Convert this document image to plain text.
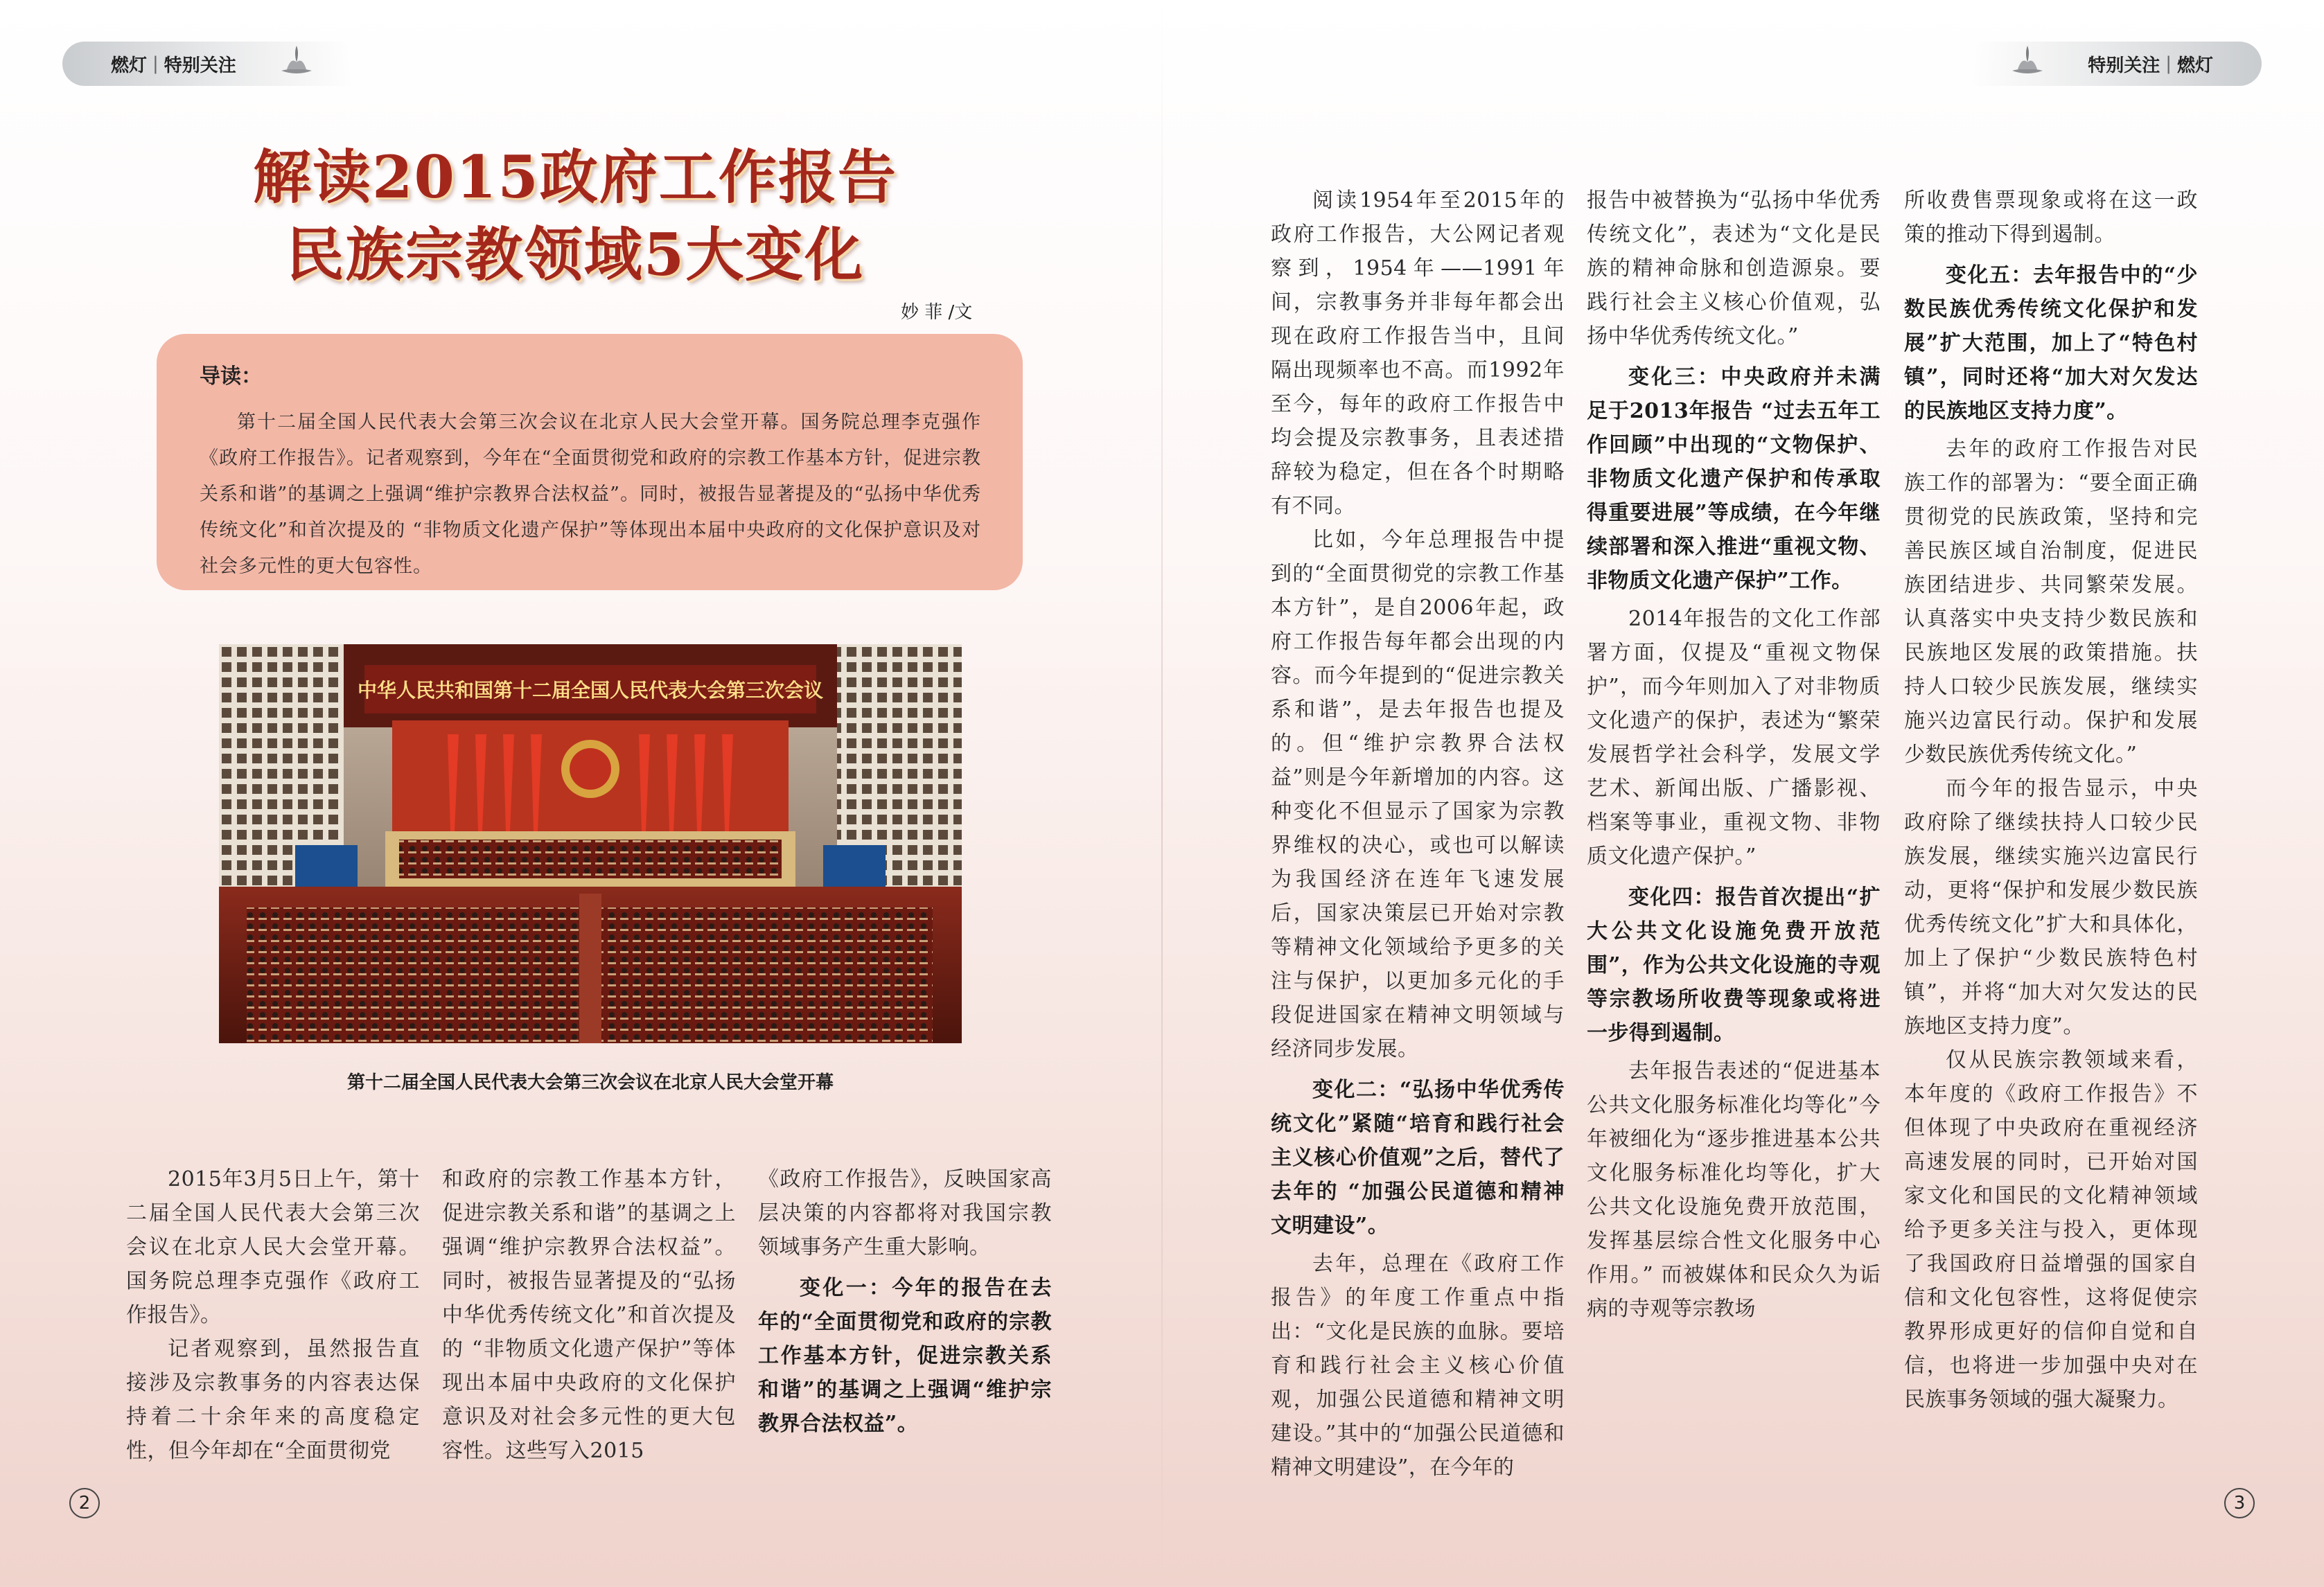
燃灯 | 特别关注	特别关注 | 燃灯
解读2015政府工作报告
民族宗教领域5大变化
妙 菲 /文
导读：
第十二届全国人民代表大会第三次会议在北京人民大会堂开幕。国务院总理李克强作《政府工作报告》。记者观察到，今年在“全面贯彻党和政府的宗教工作基本方针，促进宗教关系和谐”的基调之上强调“维护宗教界合法权益”。同时，被报告显著提及的“弘扬中华优秀传统文化”和首次提及的 “非物质文化遗产保护”等体现出本届中央政府的文化保护意识及对社会多元性的更大包容性。
中华人民共和国第十二届全国人民代表大会第三次会议
第十二届全国人民代表大会第三次会议在北京人民大会堂开幕

2015年3月5日上午，第十二届全国人民代表大会第三次会议在北京人民大会堂开幕。国务院总理李克强作《政府工作报告》。

记者观察到，虽然报告直接涉及宗教事务的内容表达保持着二十余年来的高度稳定性，但今年却在“全面贯彻党

和政府的宗教工作基本方针，促进宗教关系和谐”的基调之上强调“维护宗教界合法权益”。同时，被报告显著提及的“弘扬中华优秀传统文化”和首次提及的 “非物质文化遗产保护”等体现出本届中央政府的文化保护意识及对社会多元性的更大包容性。这些写入2015

《政府工作报告》，反映国家高层决策的内容都将对我国宗教领域事务产生重大影响。

变化一：今年的报告在去年的“全面贯彻党和政府的宗教工作基本方针，促进宗教关系和谐”的基调之上强调“维护宗教界合法权益”。

阅读1954年至2015年的政府工作报告，大公网记者观察到，1954年——1991年间，宗教事务并非每年都会出现在政府工作报告当中，且间隔出现频率也不高。而1992年至今，每年的政府工作报告中均会提及宗教事务，且表述措辞较为稳定，但在各个时期略有不同。

比如，今年总理报告中提到的“全面贯彻党的宗教工作基本方针”，是自2006年起，政府工作报告每年都会出现的内容。而今年提到的“促进宗教关系和谐”，是去年报告也提及的。但“维护宗教界合法权益”则是今年新增加的内容。这种变化不但显示了国家为宗教界维权的决心，或也可以解读为我国经济在连年飞速发展后，国家决策层已开始对宗教等精神文化领域给予更多的关注与保护，以更加多元化的手段促进国家在精神文明领域与经济同步发展。

变化二：“弘扬中华优秀传统文化”紧随“培育和践行社会主义核心价值观”之后，替代了去年的 “加强公民道德和精神文明建设”。

去年，总理在《政府工作报告》的年度工作重点中指出：“文化是民族的血脉。要培育和践行社会主义核心价值观，加强公民道德和精神文明建设。”其中的“加强公民道德和精神文明建设”，在今年的

报告中被替换为“弘扬中华优秀传统文化”，表述为“文化是民族的精神命脉和创造源泉。要践行社会主义核心价值观，弘扬中华优秀传统文化。”

变化三：中央政府并未满足于2013年报告 “过去五年工作回顾”中出现的“文物保护、非物质文化遗产保护和传承取得重要进展”等成绩，在今年继续部署和深入推进“重视文物、非物质文化遗产保护”工作。

2014年报告的文化工作部署方面，仅提及“重视文物保护”，而今年则加入了对非物质文化遗产的保护，表述为“繁荣发展哲学社会科学，发展文学艺术、新闻出版、广播影视、档案等事业，重视文物、非物质文化遗产保护。”

变化四：报告首次提出“扩大公共文化设施免费开放范围”，作为公共文化设施的寺观等宗教场所收费等现象或将进一步得到遏制。

去年报告表述的“促进基本公共文化服务标准化均等化”今年被细化为“逐步推进基本公共文化服务标准化均等化，扩大公共文化设施免费开放范围，发挥基层综合性文化服务中心作用。” 而被媒体和民众久为诟病的寺观等宗教场

所收费售票现象或将在这一政策的推动下得到遏制。

变化五：去年报告中的“少数民族优秀传统文化保护和发展”扩大范围，加上了“特色村镇”，同时还将“加大对欠发达的民族地区支持力度”。

去年的政府工作报告对民族工作的部署为：“要全面正确贯彻党的民族政策，坚持和完善民族区域自治制度，促进民族团结进步、共同繁荣发展。认真落实中央支持少数民族和民族地区发展的政策措施。扶持人口较少民族发展，继续实施兴边富民行动。保护和发展少数民族优秀传统文化。”

而今年的报告显示，中央政府除了继续扶持人口较少民族发展，继续实施兴边富民行动，更将“保护和发展少数民族优秀传统文化”扩大和具体化，加上了保护“少数民族特色村镇”，并将“加大对欠发达的民族地区支持力度”。

仅从民族宗教领域来看，本年度的《政府工作报告》不但体现了中央政府在重视经济高速发展的同时，已开始对国家文化和国民的文化精神领域给予更多关注与投入，更体现了我国政府日益增强的国家自信和文化包容性，这将促使宗教界形成更好的信仰自觉和自信，也将进一步加强中央对在民族事务领域的强大凝聚力。

2	3
